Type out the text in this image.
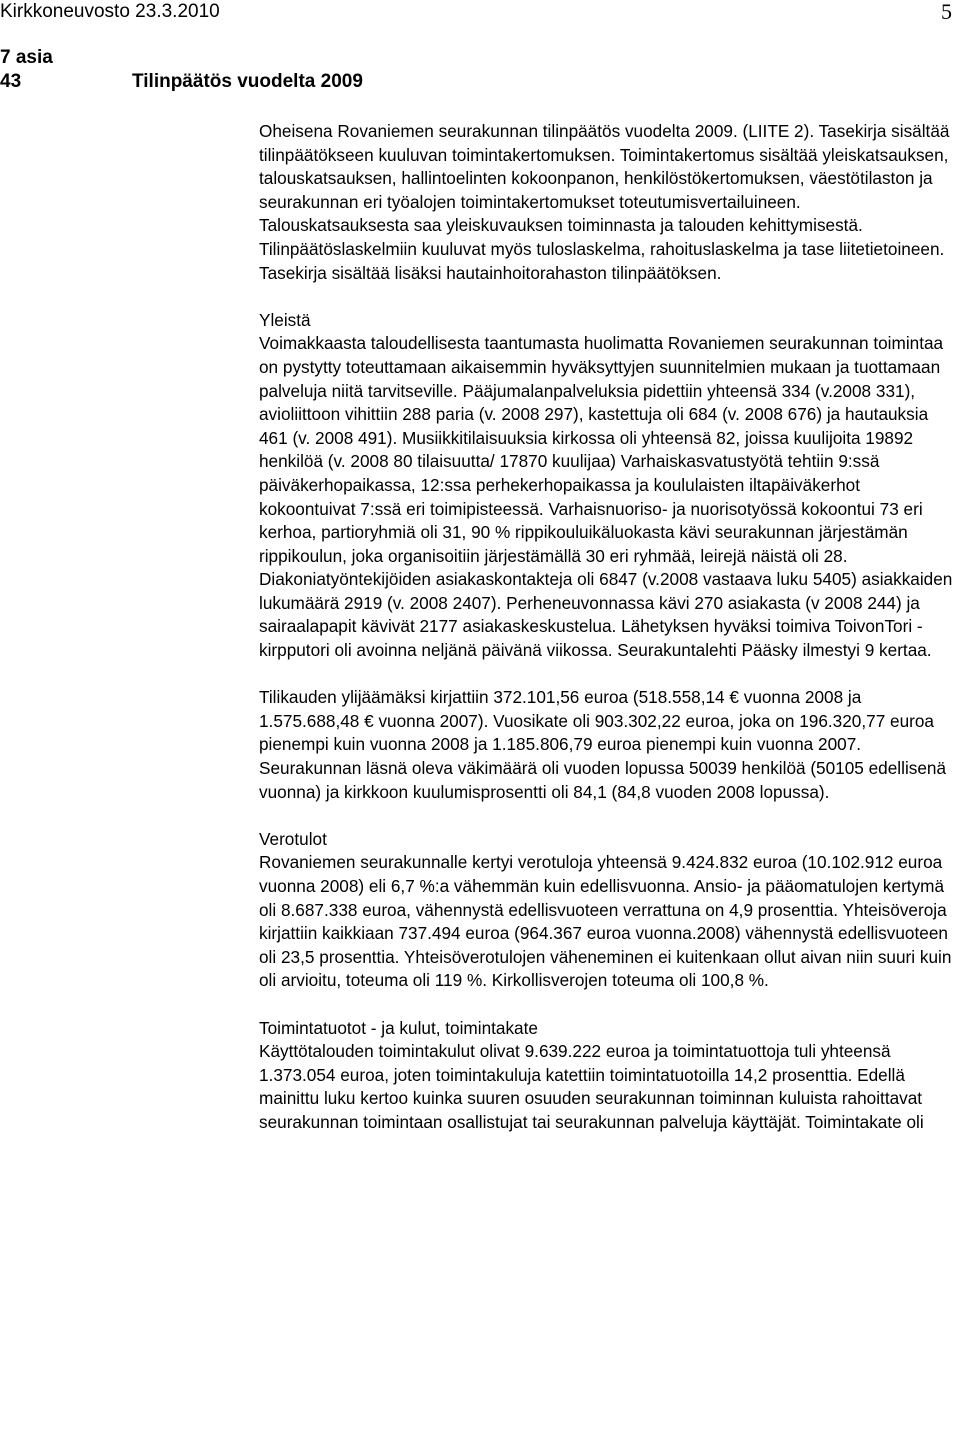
Kirkkoneuvosto 23.3.2010	5
7 asia
43	Tilinpäätös vuodelta 2009

Oheisena Rovaniemen seurakunnan tilinpäätös vuodelta 2009. (LIITE 2). Tasekirja sisältää tilinpäätökseen kuuluvan toimintakertomuksen. Toimintakertomus sisältää yleiskatsauksen, talouskatsauksen, hallintoelinten kokoonpanon, henkilöstökertomuksen, väestötilaston ja seurakunnan eri työalojen toimintakertomukset toteutumisvertailuineen. Talouskatsauksesta saa yleiskuvauksen toiminnasta ja talouden kehittymisestä. Tilinpäätöslaskelmiin kuuluvat myös tuloslaskelma, rahoituslaskelma ja tase liitetietoineen. Tasekirja sisältää lisäksi hautainhoitorahaston tilinpäätöksen.

Yleistä
Voimakkaasta taloudellisesta taantumasta huolimatta Rovaniemen seurakunnan toimintaa on pystytty toteuttamaan aikaisemmin hyväksyttyjen suunnitelmien mukaan ja tuottamaan palveluja niitä tarvitseville. Pääjumalanpalveluksia pidettiin yhteensä 334 (v.2008 331), avioliittoon vihittiin 288 paria (v. 2008 297), kastettuja oli 684 (v. 2008 676) ja hautauksia 461 (v. 2008 491). Musiikkitilaisuuksia kirkossa oli yhteensä 82, joissa kuulijoita 19892 henkilöä (v. 2008 80 tilaisuutta/ 17870 kuulijaa) Varhaiskasvatustyötä tehtiin 9:ssä päiväkerhopaikassa, 12:ssa perhekerhopaikassa ja koululaisten iltapäiväkerhot kokoontuivat 7:ssä eri toimipisteessä. Varhaisnuoriso- ja nuorisotyössä kokoontui 73 eri kerhoa, partioryhmiä oli 31, 90 % rippikouluikäluokasta kävi seurakunnan järjestämän rippikoulun, joka organisoitiin järjestämällä 30 eri ryhmää, leirejä näistä oli 28. Diakoniatyöntekijöiden asiakaskontakteja oli 6847 (v.2008 vastaava luku 5405) asiakkaiden lukumäärä 2919 (v. 2008 2407). Perheneuvonnassa kävi 270 asiakasta (v 2008 244) ja sairaalapapit kävivät 2177 asiakaskeskustelua. Lähetyksen hyväksi toimiva ToivonTori - kirpputori oli avoinna neljänä päivänä viikossa. Seurakuntalehti Pääsky ilmestyi 9 kertaa.

Tilikauden ylijäämäksi kirjattiin 372.101,56 euroa (518.558,14 € vuonna 2008 ja 1.575.688,48 € vuonna 2007). Vuosikate oli 903.302,22 euroa, joka on 196.320,77 euroa pienempi kuin vuonna 2008 ja 1.185.806,79 euroa pienempi kuin vuonna 2007. Seurakunnan läsnä oleva väkimäärä oli vuoden lopussa 50039 henkilöä (50105 edellisenä vuonna) ja kirkkoon kuulumisprosentti oli 84,1 (84,8 vuoden 2008 lopussa).

Verotulot
Rovaniemen seurakunnalle kertyi verotuloja yhteensä 9.424.832 euroa (10.102.912 euroa vuonna 2008) eli 6,7 %:a vähemmän kuin edellisvuonna. Ansio- ja pääomatulojen kertymä oli 8.687.338 euroa, vähennystä edellisvuoteen verrattuna on 4,9 prosenttia. Yhteisöveroja kirjattiin kaikkiaan 737.494 euroa (964.367 euroa vuonna.2008) vähennystä edellisvuoteen oli 23,5 prosenttia. Yhteisöverotulojen väheneminen ei kuitenkaan ollut aivan niin suuri kuin oli arvioitu, toteuma oli 119 %. Kirkollisverojen toteuma oli 100,8 %.

Toimintatuotot - ja kulut, toimintakate
Käyttötalouden toimintakulut olivat 9.639.222 euroa ja toimintatuottoja tuli yhteensä 1.373.054 euroa, joten toimintakuluja katettiin toimintatuotoilla 14,2 prosenttia. Edellä mainittu luku kertoo kuinka suuren osuuden seurakunnan toiminnan kuluista rahoittavat seurakunnan toimintaan osallistujat tai seurakunnan palveluja käyttäjät. Toimintakate oli
